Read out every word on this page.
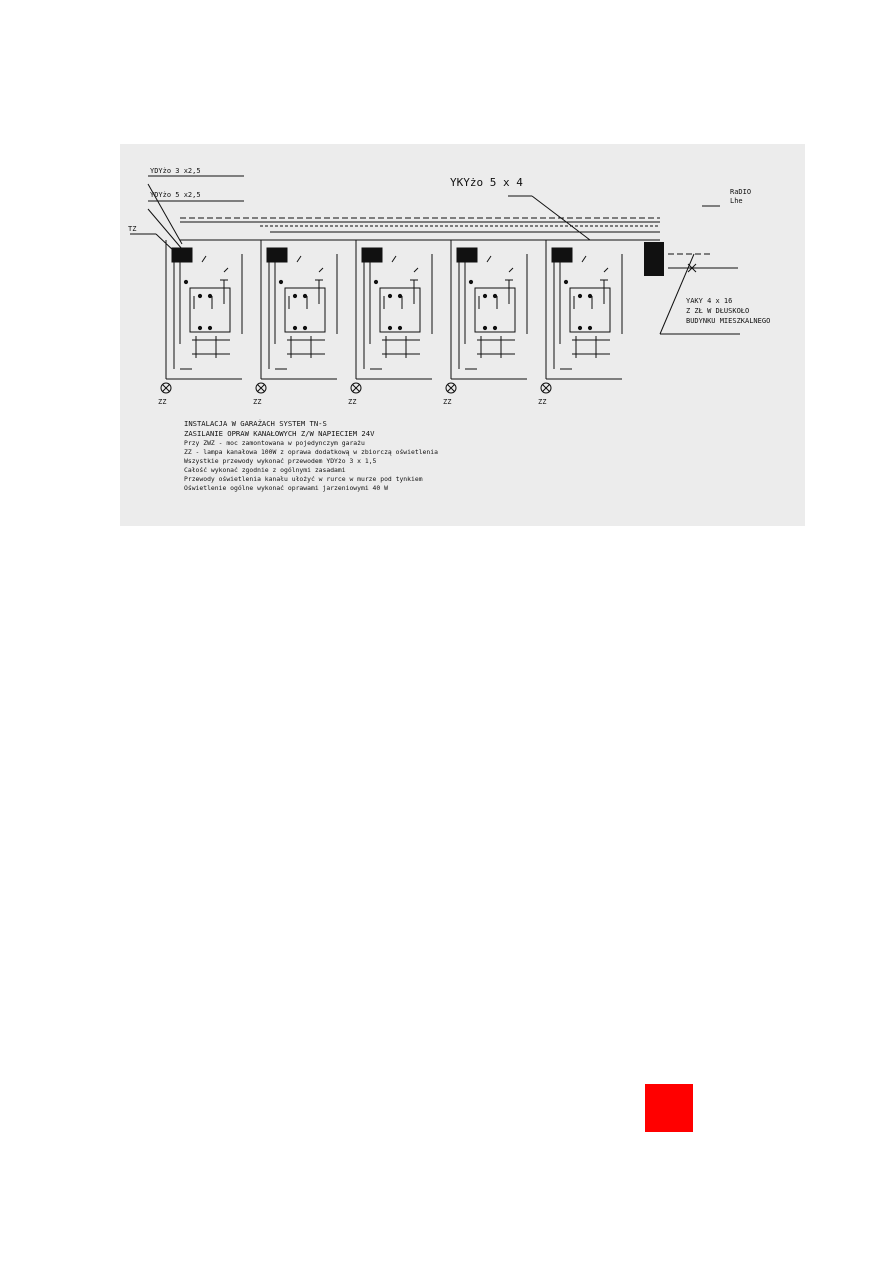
YDYżo 3 x2,5
YDYżo 5 x2,5
YKYżo 5 x 4
RaDIO
Lhe
TZ
YAKY 4 x 16
Z ZŁ W DŁUSKOŁO
BUDYNKU MIESZKALNEGO
ZZ	ZZ	ZZ	ZZ	ZZ
INSTALACJA W GARAŻACH SYSTEM TN-S
ZASILANIE OPRAW KANAŁOWYCH Z/W NAPIECIEM 24V
Przy ZWZ - moc zamontowana w pojedynczym garażu
ZZ - lampa kanałowa 100W z oprawa dodatkową w zbiorczą oświetlenia
Wszystkie przewody wykonać przewodem YDYżo 3 x 1,5
Całość wykonać zgodnie z ogólnymi zasadami
Przewody oświetlenia kanału ułożyć w rurce w murze pod tynkiem
Oświetlenie ogólne wykonać oprawami jarzeniowymi 40 W
